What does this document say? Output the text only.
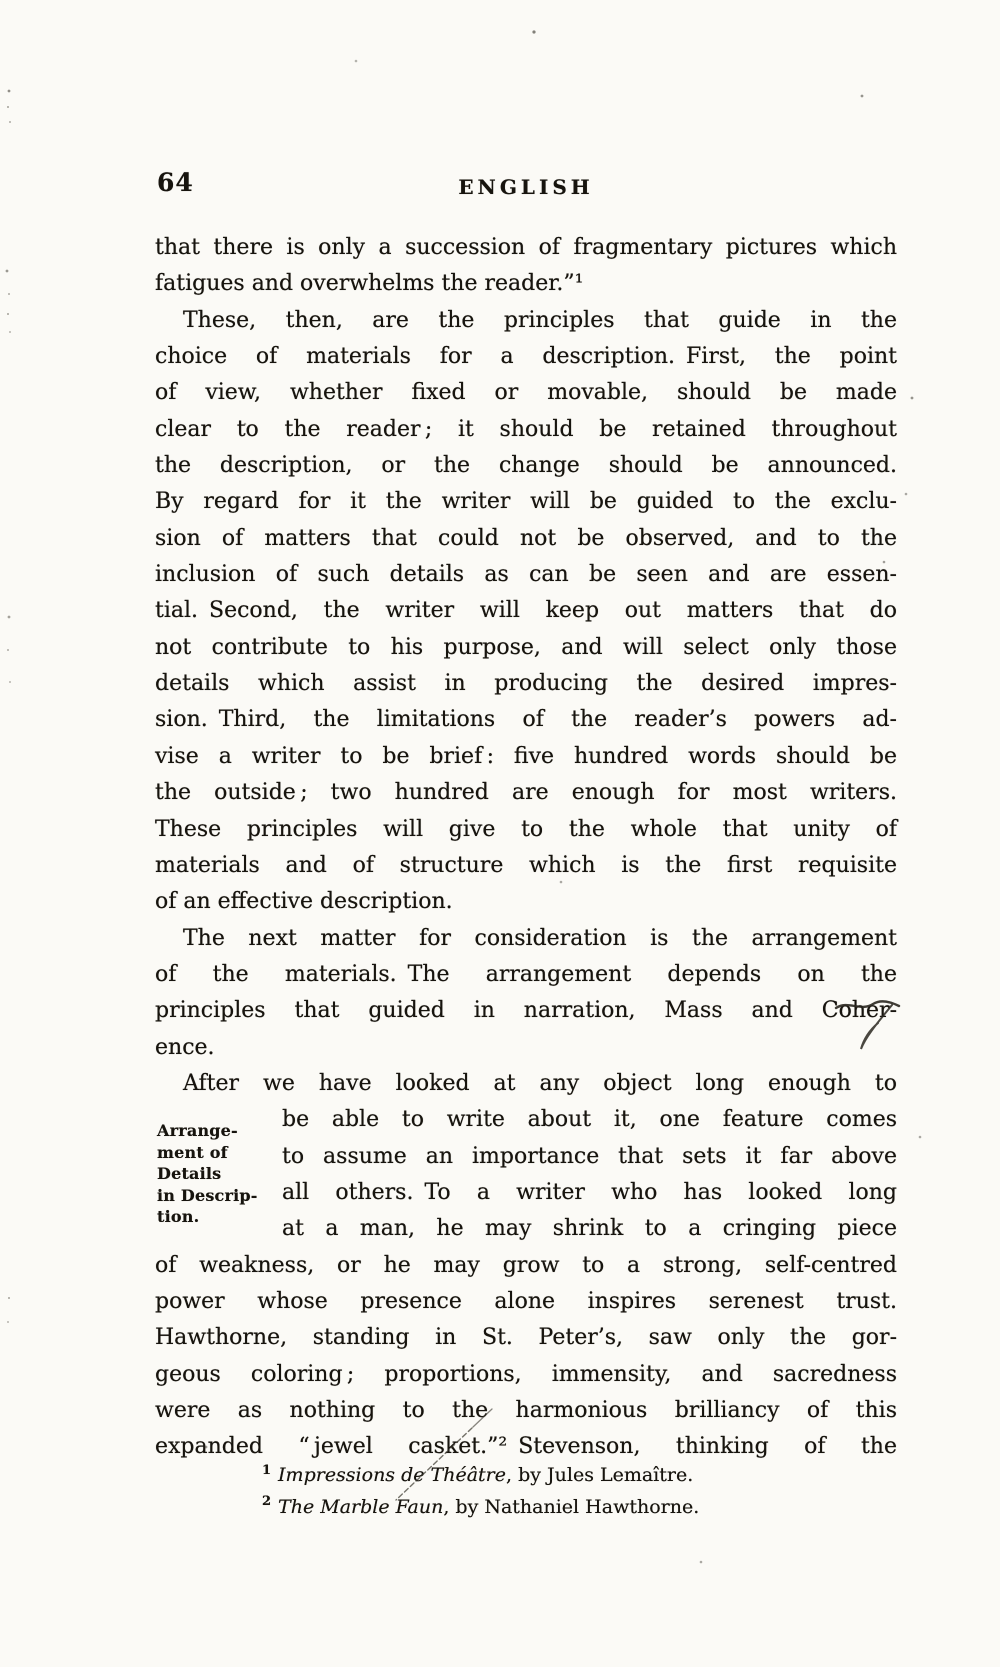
64	ENGLISH

that there is only a succession of fragmentary pictures which
fatigues and overwhelms the reader.”¹

These, then, are the principles that guide in the
choice of materials for a description. First, the point
of view, whether fixed or movable, should be made
clear to the reader ; it should be retained throughout
the description, or the change should be announced.
By regard for it the writer will be guided to the exclu-
sion of matters that could not be observed, and to the
inclusion of such details as can be seen and are essen-
tial. Second, the writer will keep out matters that do
not contribute to his purpose, and will select only those
details which assist in producing the desired impres-
sion. Third, the limitations of the reader’s powers ad-
vise a writer to be brief : five hundred words should be
the outside ; two hundred are enough for most writers.
These principles will give to the whole that unity of
materials and of structure which is the first requisite
of an effective description.

The next matter for consideration is the arrangement
of the materials. The arrangement depends on the
principles that guided in narration, Mass and Coher-
ence.

After we have looked at any object long enough to
be able to write about it, one feature comes
to assume an importance that sets it far above
all others. To a writer who has looked long
at a man, he may shrink to a cringing piece
of weakness, or he may grow to a strong, self-centred
power whose presence alone inspires serenest trust.
Hawthorne, standing in St. Peter’s, saw only the gor-
geous coloring ; proportions, immensity, and sacredness
were as nothing to the harmonious brilliancy of this
expanded “ jewel casket.”² Stevenson, thinking of the

Arrange-
ment of
Details
in Descrip-
tion.
$^1$ Impressions de Théâtre, by Jules Lemaître.
$^2$ The Marble Faun, by Nathaniel Hawthorne.
